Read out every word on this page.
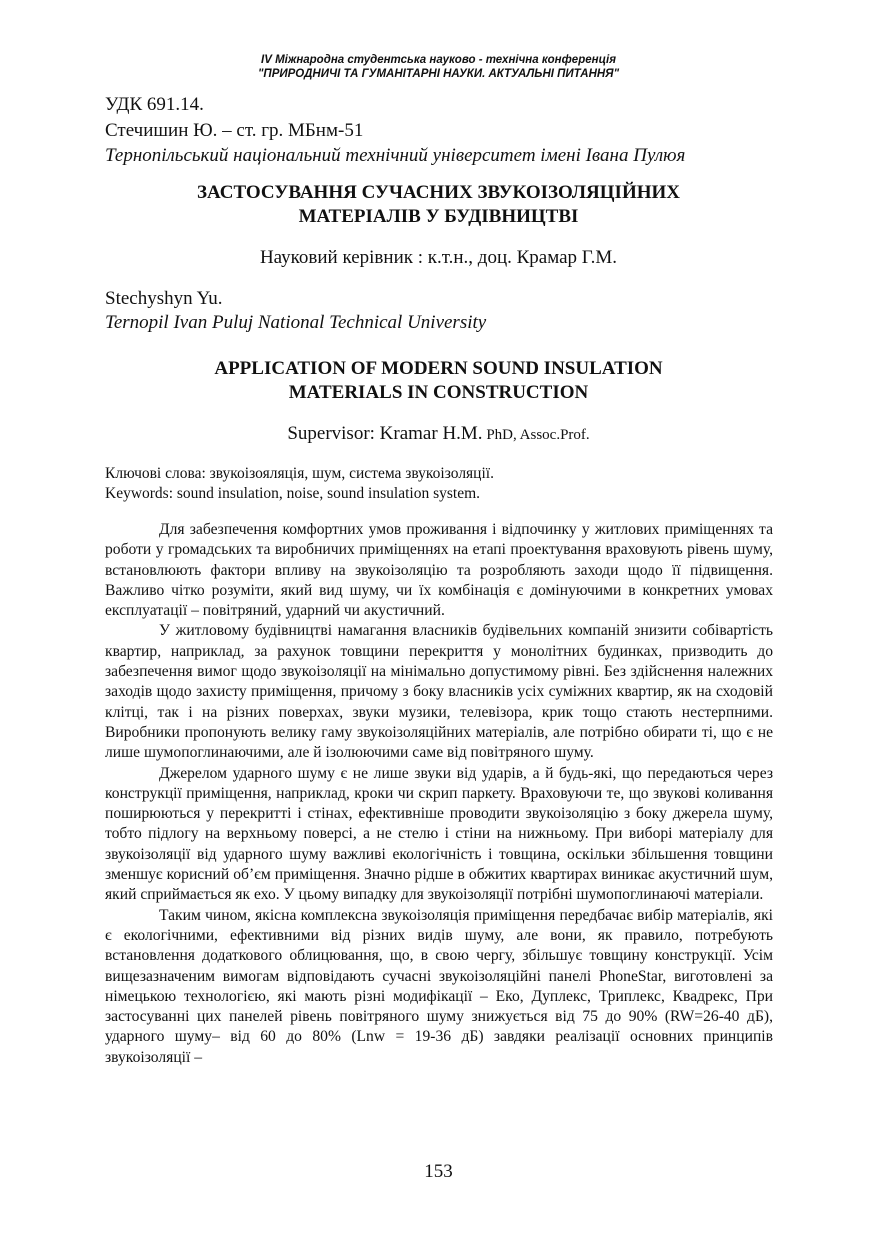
IV Міжнародна студентська науково - технічна конференція
"ПРИРОДНИЧІ ТА ГУМАНІТАРНІ НАУКИ. АКТУАЛЬНІ ПИТАННЯ"
УДК 691.14.
Стечишин Ю. – ст. гр. МБнм-51
Тернопільський національний технічний університет імені Івана Пулюя
ЗАСТОСУВАННЯ СУЧАСНИХ ЗВУКОІЗОЛЯЦІЙНИХ
МАТЕРІАЛІВ У БУДІВНИЦТВІ
Науковий керівник : к.т.н., доц. Крамар Г.М.
Stechyshyn Yu.
Ternopil Ivan Puluj National Technical University
APPLICATION OF MODERN SOUND INSULATION
MATERIALS IN CONSTRUCTION
Supervisor: Kramar H.M. PhD, Assoc.Prof.
Ключові слова: звукоізояляція, шум, система звукоізоляції.
Keywords: sound insulation, noise, sound insulation system.

Для забезпечення комфортних умов проживання і відпочинку у житлових приміщеннях та роботи у громадських та виробничих приміщеннях на етапі проектування враховують рівень шуму, встановлюють фактори впливу на звукоізоляцію та розробляють заходи щодо її підвищення. Важливо чітко розуміти, який вид шуму, чи їх комбінація є домінуючими в конкретних умовах експлуатації – повітряний, ударний чи акустичний.

У житловому будівництві намагання власників будівельних компаній знизити собівартість квартир, наприклад, за рахунок товщини перекриття у монолітних будинках, призводить до забезпечення вимог щодо звукоізоляції на мінімально допустимому рівні. Без здійснення належних заходів щодо захисту приміщення, причому з боку власників усіх суміжних квартир, як на сходовій клітці, так і на різних поверхах, звуки музики, телевізора, крик тощо стають нестерпними. Виробники пропонують велику гаму звукоізоляційних матеріалів, але потрібно обирати ті, що є не лише шумопоглинаючими, але й ізолюючими саме від повітряного шуму.

Джерелом ударного шуму є не лише звуки від ударів, а й будь-які, що передаються через конструкції приміщення, наприклад, кроки чи скрип паркету. Враховуючи те, що звукові коливання поширюються у перекритті і стінах, ефективніше проводити звукоізоляцію з боку джерела шуму, тобто підлогу на верхньому поверсі, а не стелю і стіни на нижньому. При виборі матеріалу для звукоізоляції від ударного шуму важливі екологічність і товщина, оскільки збільшення товщини зменшує корисний об’єм приміщення. Значно рідше в обжитих квартирах виникає акустичний шум, який сприймається як ехо. У цьому випадку для звукоізоляції потрібні шумопоглинаючі матеріали.

Таким чином, якісна комплексна звукоізоляція приміщення передбачає вибір матеріалів, які є екологічними, ефективними від різних видів шуму, але вони, як правило, потребують встановлення додаткового облицювання, що, в свою чергу, збільшує товщину конструкції. Усім вищезазначеним вимогам відповідають сучасні звукоізоляційні панелі PhoneStar, виготовлені за німецькою технологією, які мають різні модифікації – Еко, Дуплекс, Триплекс, Квадрекс, При застосуванні цих панелей рівень повітряного шуму знижується від 75 до 90% (RW=26-40 дБ), ударного шуму– від 60 до 80% (Lnw = 19-36 дБ) завдяки реалізації основних принципів звукоізоляції –

153
